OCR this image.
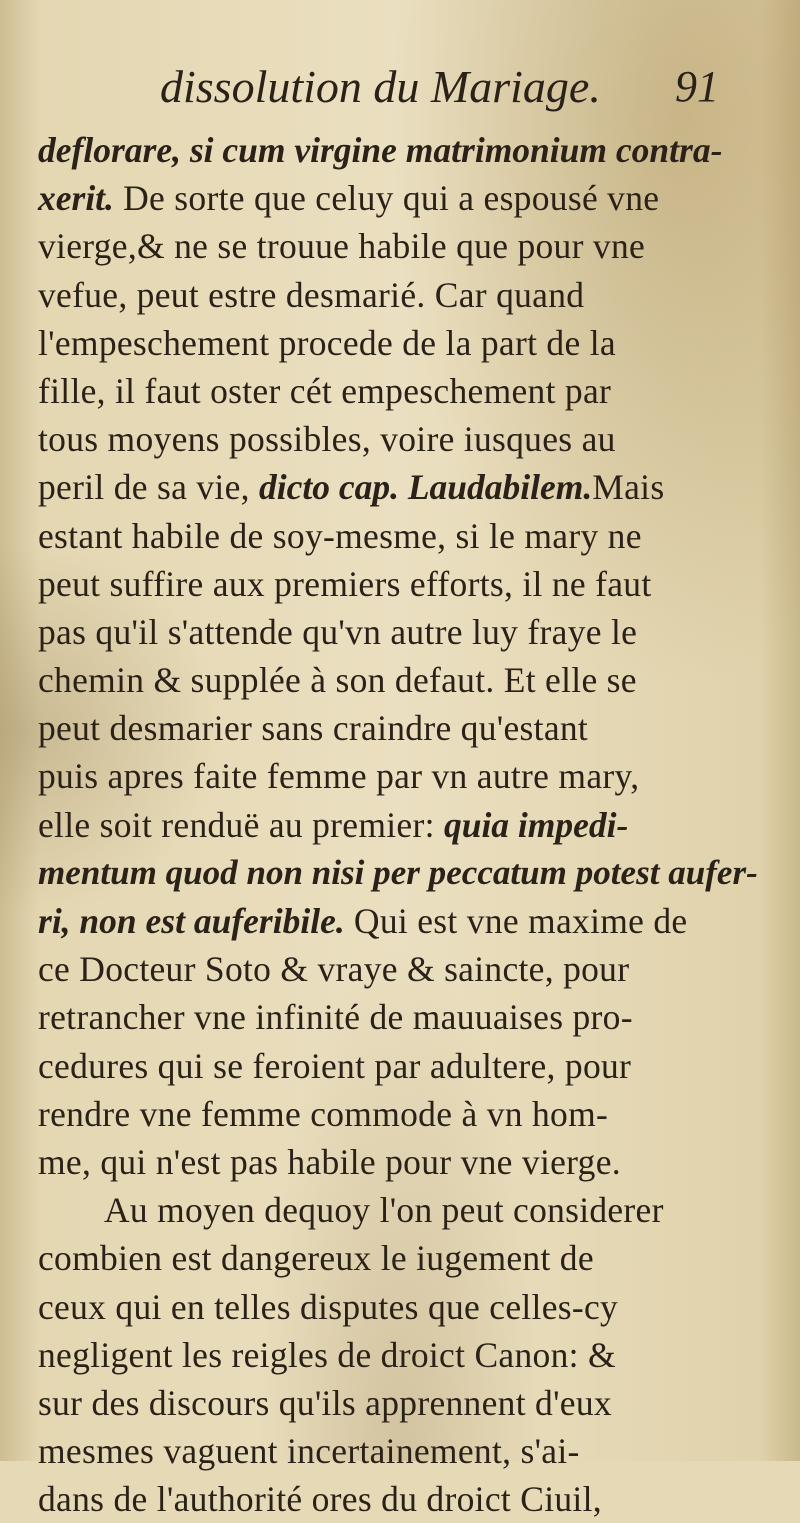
dissolution du Mariage. 91
deflorare, si cum virgine matrimonium contra-
xerit. De sorte que celuy qui a espousé vne
vierge,& ne se trouue habile que pour vne
vefue, peut estre desmarié. Car quand
l'empeschement procede de la part de la
fille, il faut oster cét empeschement par
tous moyens possibles, voire iusques au
peril de sa vie, dicto cap. Laudabilem.Mais
estant habile de soy-mesme, si le mary ne
peut suffire aux premiers efforts, il ne faut
pas qu'il s'attende qu'vn autre luy fraye le
chemin & supplée à son defaut. Et elle se
peut desmarier sans craindre qu'estant
puis apres faite femme par vn autre mary,
elle soit renduë au premier: quia impedi-
mentum quod non nisi per peccatum potest aufer-
ri, non est auferibile. Qui est vne maxime de
ce Docteur Soto & vraye & saincte, pour
retrancher vne infinité de mauuaises pro-
cedures qui se feroient par adultere, pour
rendre vne femme commode à vn hom-
me, qui n'est pas habile pour vne vierge.
Au moyen dequoy l'on peut considerer
combien est dangereux le iugement de
ceux qui en telles disputes que celles-cy
negligent les reigles de droict Canon: &
sur des discours qu'ils apprennent d'eux
mesmes vaguent incertainement, s'ai-
dans de l'authorité ores du droict Ciuil,
